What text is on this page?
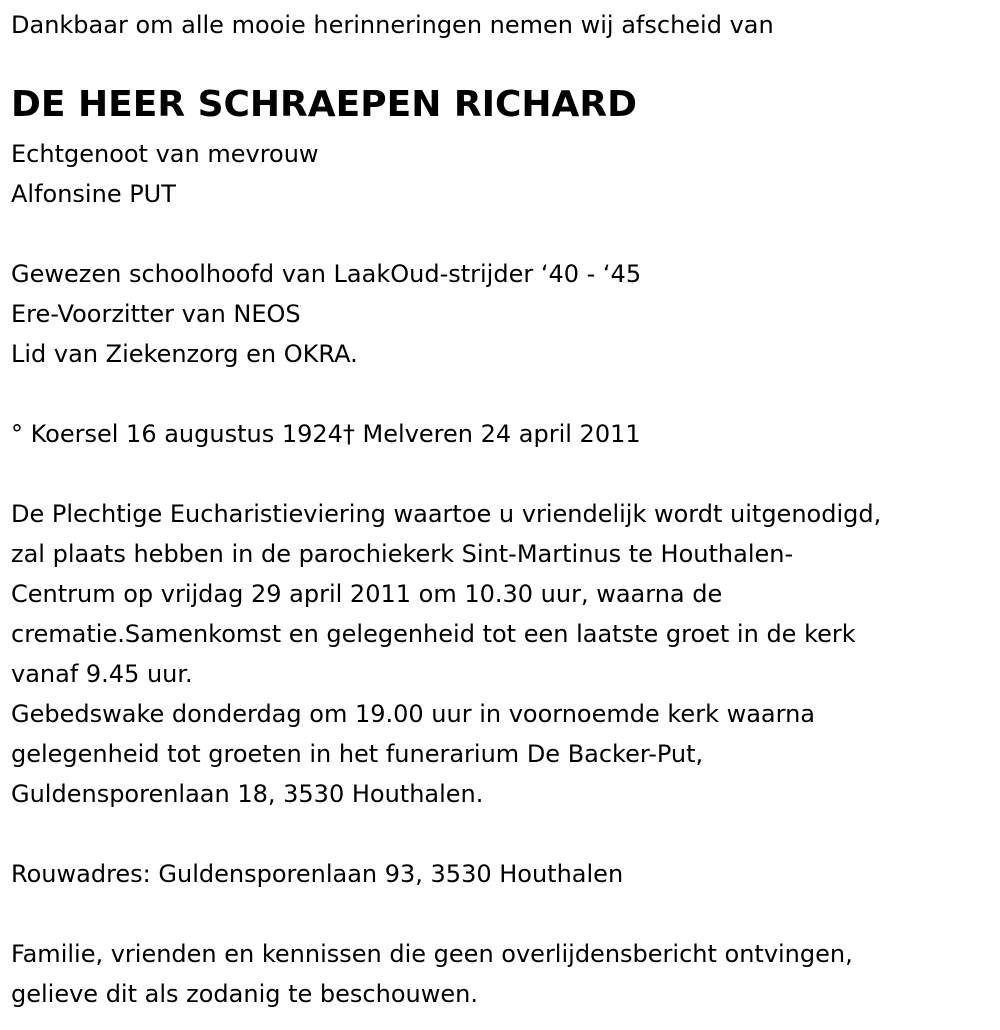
Dankbaar om alle mooie herinneringen nemen wij afscheid van
DE HEER SCHRAEPEN RICHARD
Echtgenoot van mevrouw
Alfonsine PUT
Gewezen schoolhoofd van LaakOud-strijder ‘40 - ‘45
Ere-Voorzitter van NEOS
Lid van Ziekenzorg en OKRA.
° Koersel 16 augustus 1924† Melveren 24 april 2011
De Plechtige Eucharistieviering waartoe u vriendelijk wordt uitgenodigd,
zal plaats hebben in de parochiekerk Sint-Martinus te Houthalen-
Centrum op vrijdag 29 april 2011 om 10.30 uur, waarna de
crematie.Samenkomst en gelegenheid tot een laatste groet in de kerk
vanaf 9.45 uur.
Gebedswake donderdag om 19.00 uur in voornoemde kerk waarna
gelegenheid tot groeten in het funerarium De Backer-Put,
Guldensporenlaan 18, 3530 Houthalen.
Rouwadres: Guldensporenlaan 93, 3530 Houthalen
Familie, vrienden en kennissen die geen overlijdensbericht ontvingen,
gelieve dit als zodanig te beschouwen.
